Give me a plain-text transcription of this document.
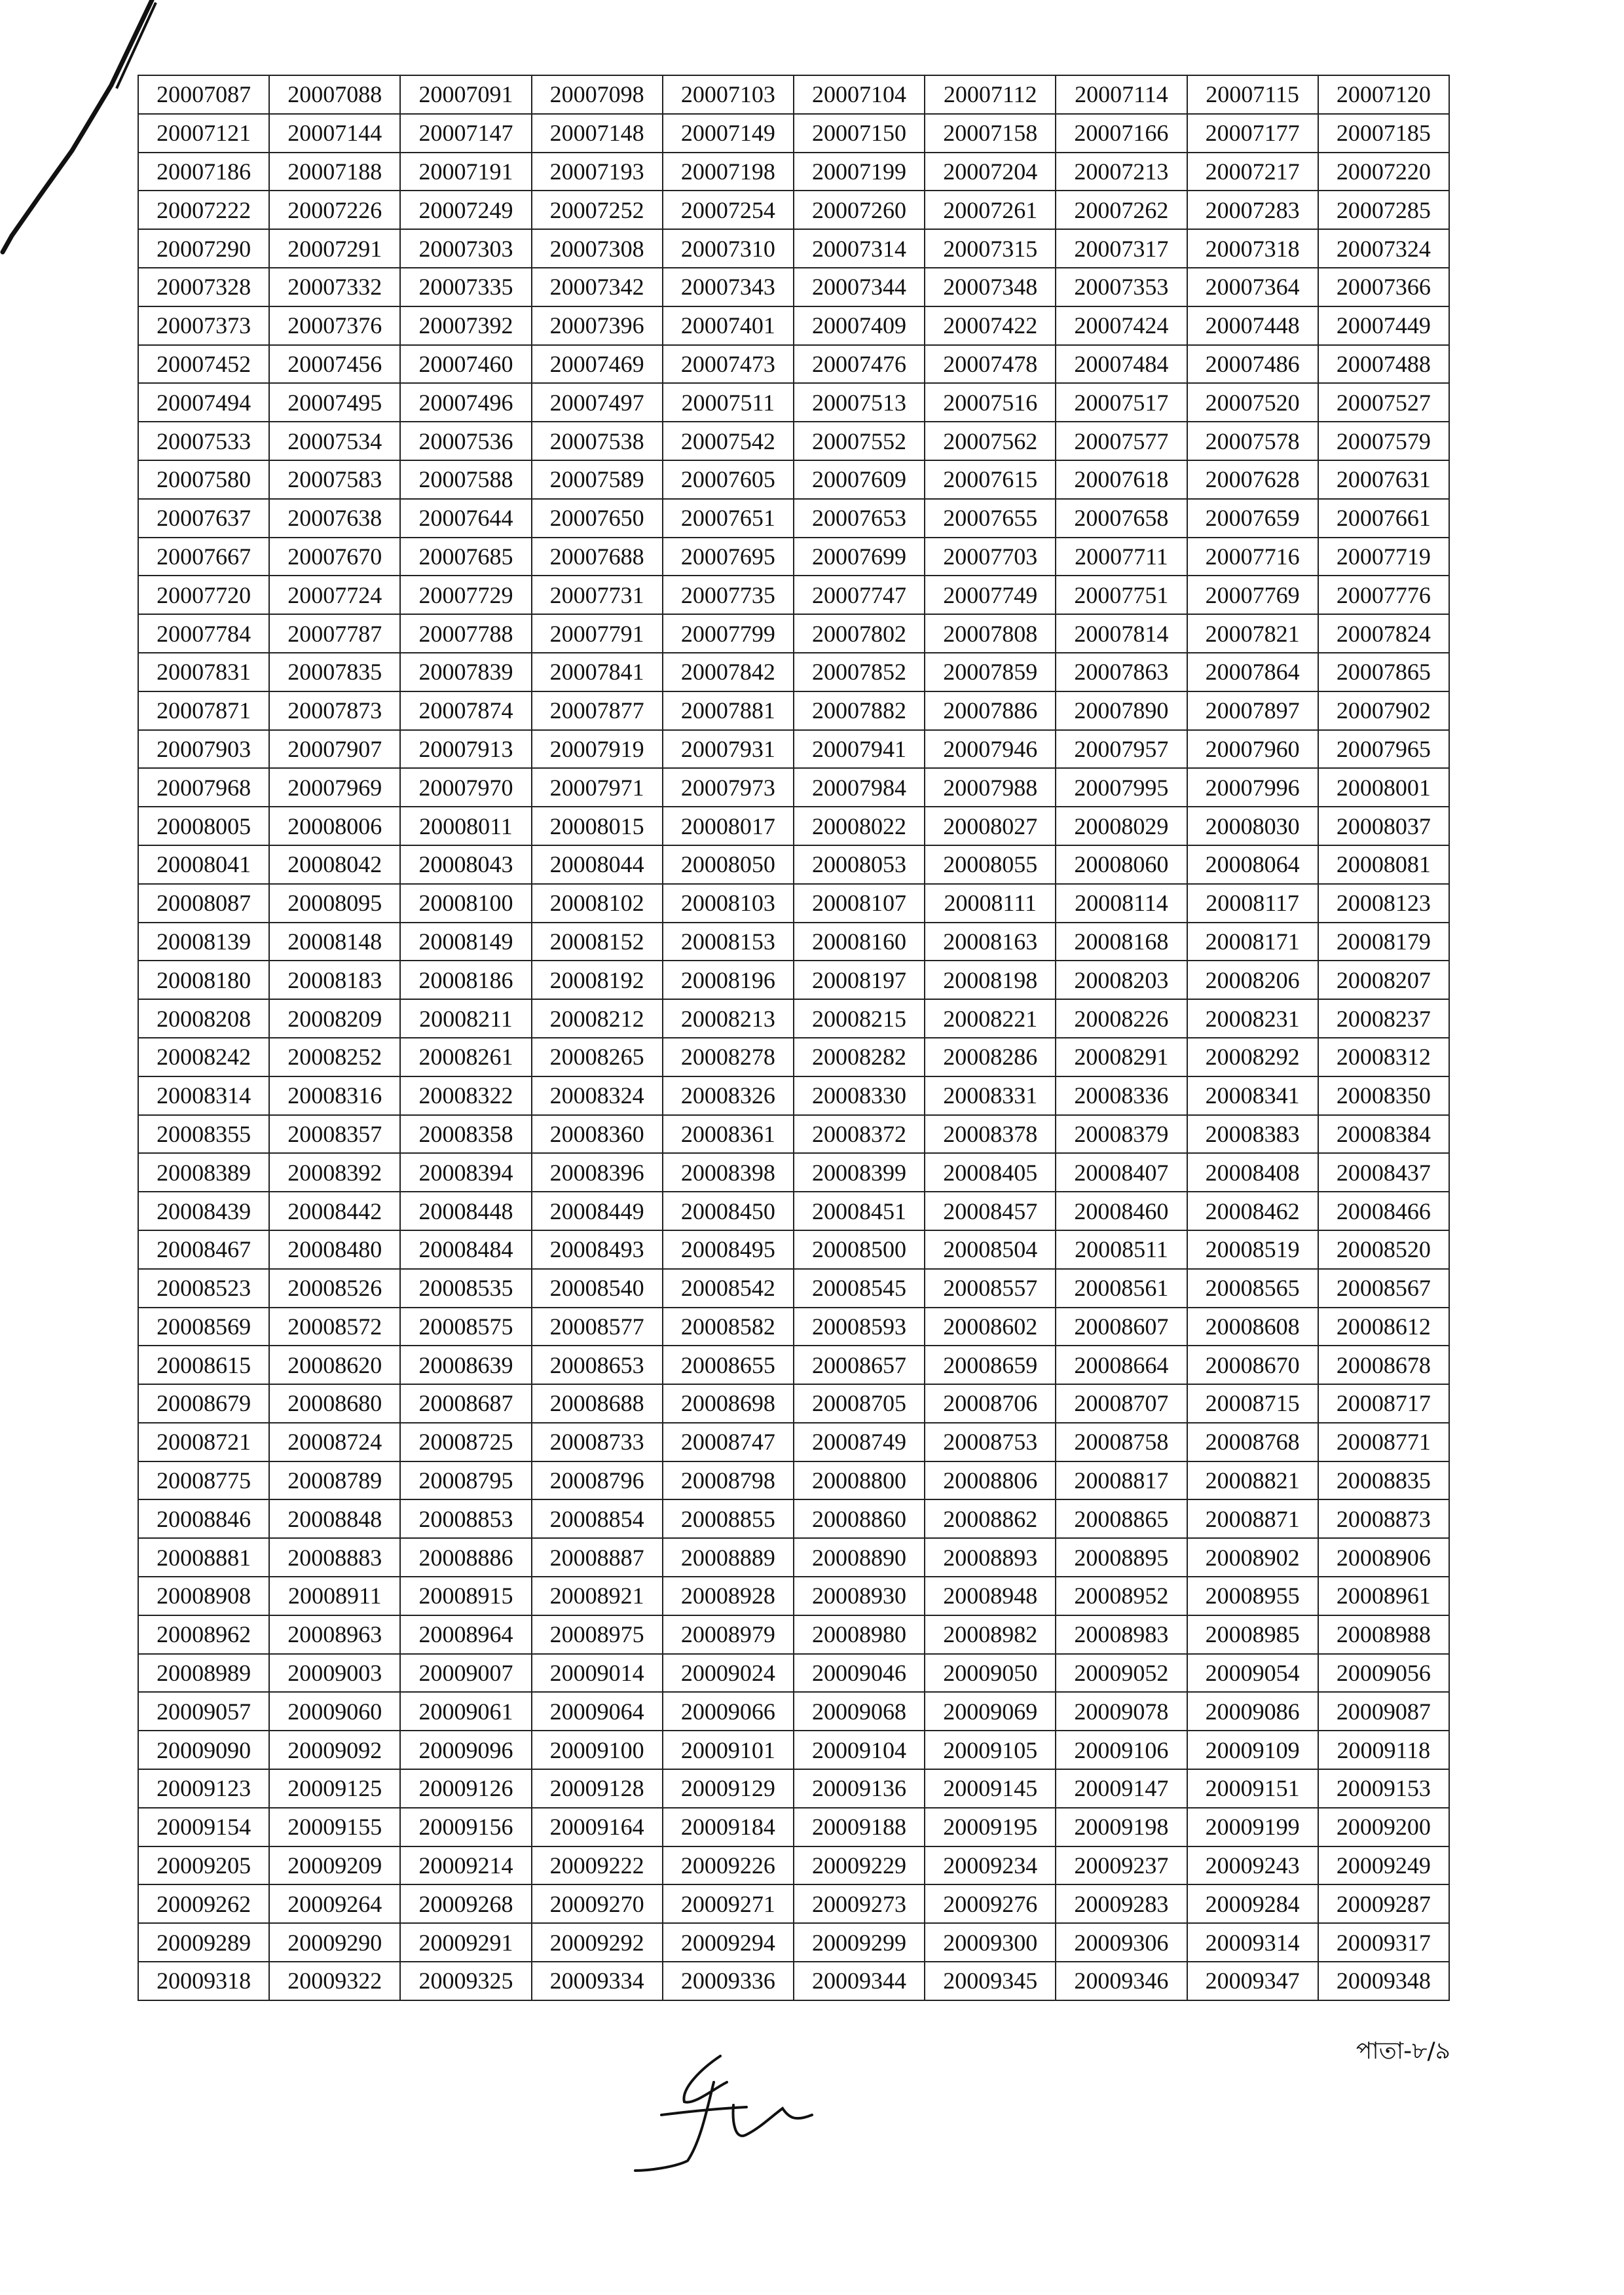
20007087	20007088	20007091	20007098	20007103	20007104	20007112	20007114	20007115	20007120
20007121	20007144	20007147	20007148	20007149	20007150	20007158	20007166	20007177	20007185
20007186	20007188	20007191	20007193	20007198	20007199	20007204	20007213	20007217	20007220
20007222	20007226	20007249	20007252	20007254	20007260	20007261	20007262	20007283	20007285
20007290	20007291	20007303	20007308	20007310	20007314	20007315	20007317	20007318	20007324
20007328	20007332	20007335	20007342	20007343	20007344	20007348	20007353	20007364	20007366
20007373	20007376	20007392	20007396	20007401	20007409	20007422	20007424	20007448	20007449
20007452	20007456	20007460	20007469	20007473	20007476	20007478	20007484	20007486	20007488
20007494	20007495	20007496	20007497	20007511	20007513	20007516	20007517	20007520	20007527
20007533	20007534	20007536	20007538	20007542	20007552	20007562	20007577	20007578	20007579
20007580	20007583	20007588	20007589	20007605	20007609	20007615	20007618	20007628	20007631
20007637	20007638	20007644	20007650	20007651	20007653	20007655	20007658	20007659	20007661
20007667	20007670	20007685	20007688	20007695	20007699	20007703	20007711	20007716	20007719
20007720	20007724	20007729	20007731	20007735	20007747	20007749	20007751	20007769	20007776
20007784	20007787	20007788	20007791	20007799	20007802	20007808	20007814	20007821	20007824
20007831	20007835	20007839	20007841	20007842	20007852	20007859	20007863	20007864	20007865
20007871	20007873	20007874	20007877	20007881	20007882	20007886	20007890	20007897	20007902
20007903	20007907	20007913	20007919	20007931	20007941	20007946	20007957	20007960	20007965
20007968	20007969	20007970	20007971	20007973	20007984	20007988	20007995	20007996	20008001
20008005	20008006	20008011	20008015	20008017	20008022	20008027	20008029	20008030	20008037
20008041	20008042	20008043	20008044	20008050	20008053	20008055	20008060	20008064	20008081
20008087	20008095	20008100	20008102	20008103	20008107	20008111	20008114	20008117	20008123
20008139	20008148	20008149	20008152	20008153	20008160	20008163	20008168	20008171	20008179
20008180	20008183	20008186	20008192	20008196	20008197	20008198	20008203	20008206	20008207
20008208	20008209	20008211	20008212	20008213	20008215	20008221	20008226	20008231	20008237
20008242	20008252	20008261	20008265	20008278	20008282	20008286	20008291	20008292	20008312
20008314	20008316	20008322	20008324	20008326	20008330	20008331	20008336	20008341	20008350
20008355	20008357	20008358	20008360	20008361	20008372	20008378	20008379	20008383	20008384
20008389	20008392	20008394	20008396	20008398	20008399	20008405	20008407	20008408	20008437
20008439	20008442	20008448	20008449	20008450	20008451	20008457	20008460	20008462	20008466
20008467	20008480	20008484	20008493	20008495	20008500	20008504	20008511	20008519	20008520
20008523	20008526	20008535	20008540	20008542	20008545	20008557	20008561	20008565	20008567
20008569	20008572	20008575	20008577	20008582	20008593	20008602	20008607	20008608	20008612
20008615	20008620	20008639	20008653	20008655	20008657	20008659	20008664	20008670	20008678
20008679	20008680	20008687	20008688	20008698	20008705	20008706	20008707	20008715	20008717
20008721	20008724	20008725	20008733	20008747	20008749	20008753	20008758	20008768	20008771
20008775	20008789	20008795	20008796	20008798	20008800	20008806	20008817	20008821	20008835
20008846	20008848	20008853	20008854	20008855	20008860	20008862	20008865	20008871	20008873
20008881	20008883	20008886	20008887	20008889	20008890	20008893	20008895	20008902	20008906
20008908	20008911	20008915	20008921	20008928	20008930	20008948	20008952	20008955	20008961
20008962	20008963	20008964	20008975	20008979	20008980	20008982	20008983	20008985	20008988
20008989	20009003	20009007	20009014	20009024	20009046	20009050	20009052	20009054	20009056
20009057	20009060	20009061	20009064	20009066	20009068	20009069	20009078	20009086	20009087
20009090	20009092	20009096	20009100	20009101	20009104	20009105	20009106	20009109	20009118
20009123	20009125	20009126	20009128	20009129	20009136	20009145	20009147	20009151	20009153
20009154	20009155	20009156	20009164	20009184	20009188	20009195	20009198	20009199	20009200
20009205	20009209	20009214	20009222	20009226	20009229	20009234	20009237	20009243	20009249
20009262	20009264	20009268	20009270	20009271	20009273	20009276	20009283	20009284	20009287
20009289	20009290	20009291	20009292	20009294	20009299	20009300	20009306	20009314	20009317
20009318	20009322	20009325	20009334	20009336	20009344	20009345	20009346	20009347	20009348
পাতা-৮/৯
